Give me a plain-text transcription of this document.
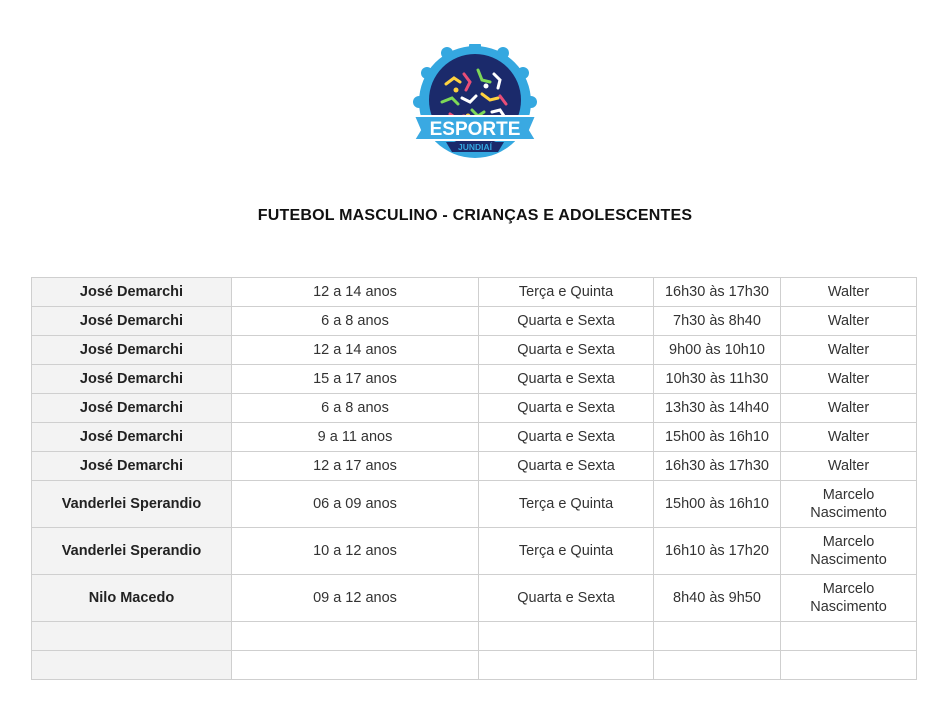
ESPORTE
JUNDIAÍ
FUTEBOL MASCULINO - CRIANÇAS E ADOLESCENTES
José Demarchi	12 a 14 anos	Terça e Quinta	16h30 às 17h30	Walter
José Demarchi	6 a 8 anos	Quarta e Sexta	7h30 às 8h40	Walter
José Demarchi	12 a 14 anos	Quarta e Sexta	9h00 às 10h10	Walter
José Demarchi	15 a 17 anos	Quarta e Sexta	10h30 às 11h30	Walter
José Demarchi	6 a 8 anos	Quarta e Sexta	13h30 às 14h40	Walter
José Demarchi	9 a 11 anos	Quarta e Sexta	15h00 às 16h10	Walter
José Demarchi	12 a 17 anos	Quarta e Sexta	16h30 às 17h30	Walter
Vanderlei Sperandio	06 a 09 anos	Terça e Quinta	15h00 às 16h10	Marcelo Nascimento
Vanderlei Sperandio	10 a 12 anos	Terça e Quinta	16h10 às 17h20	Marcelo Nascimento
Nilo Macedo	09 a 12 anos	Quarta e Sexta	8h40 às 9h50	Marcelo Nascimento
